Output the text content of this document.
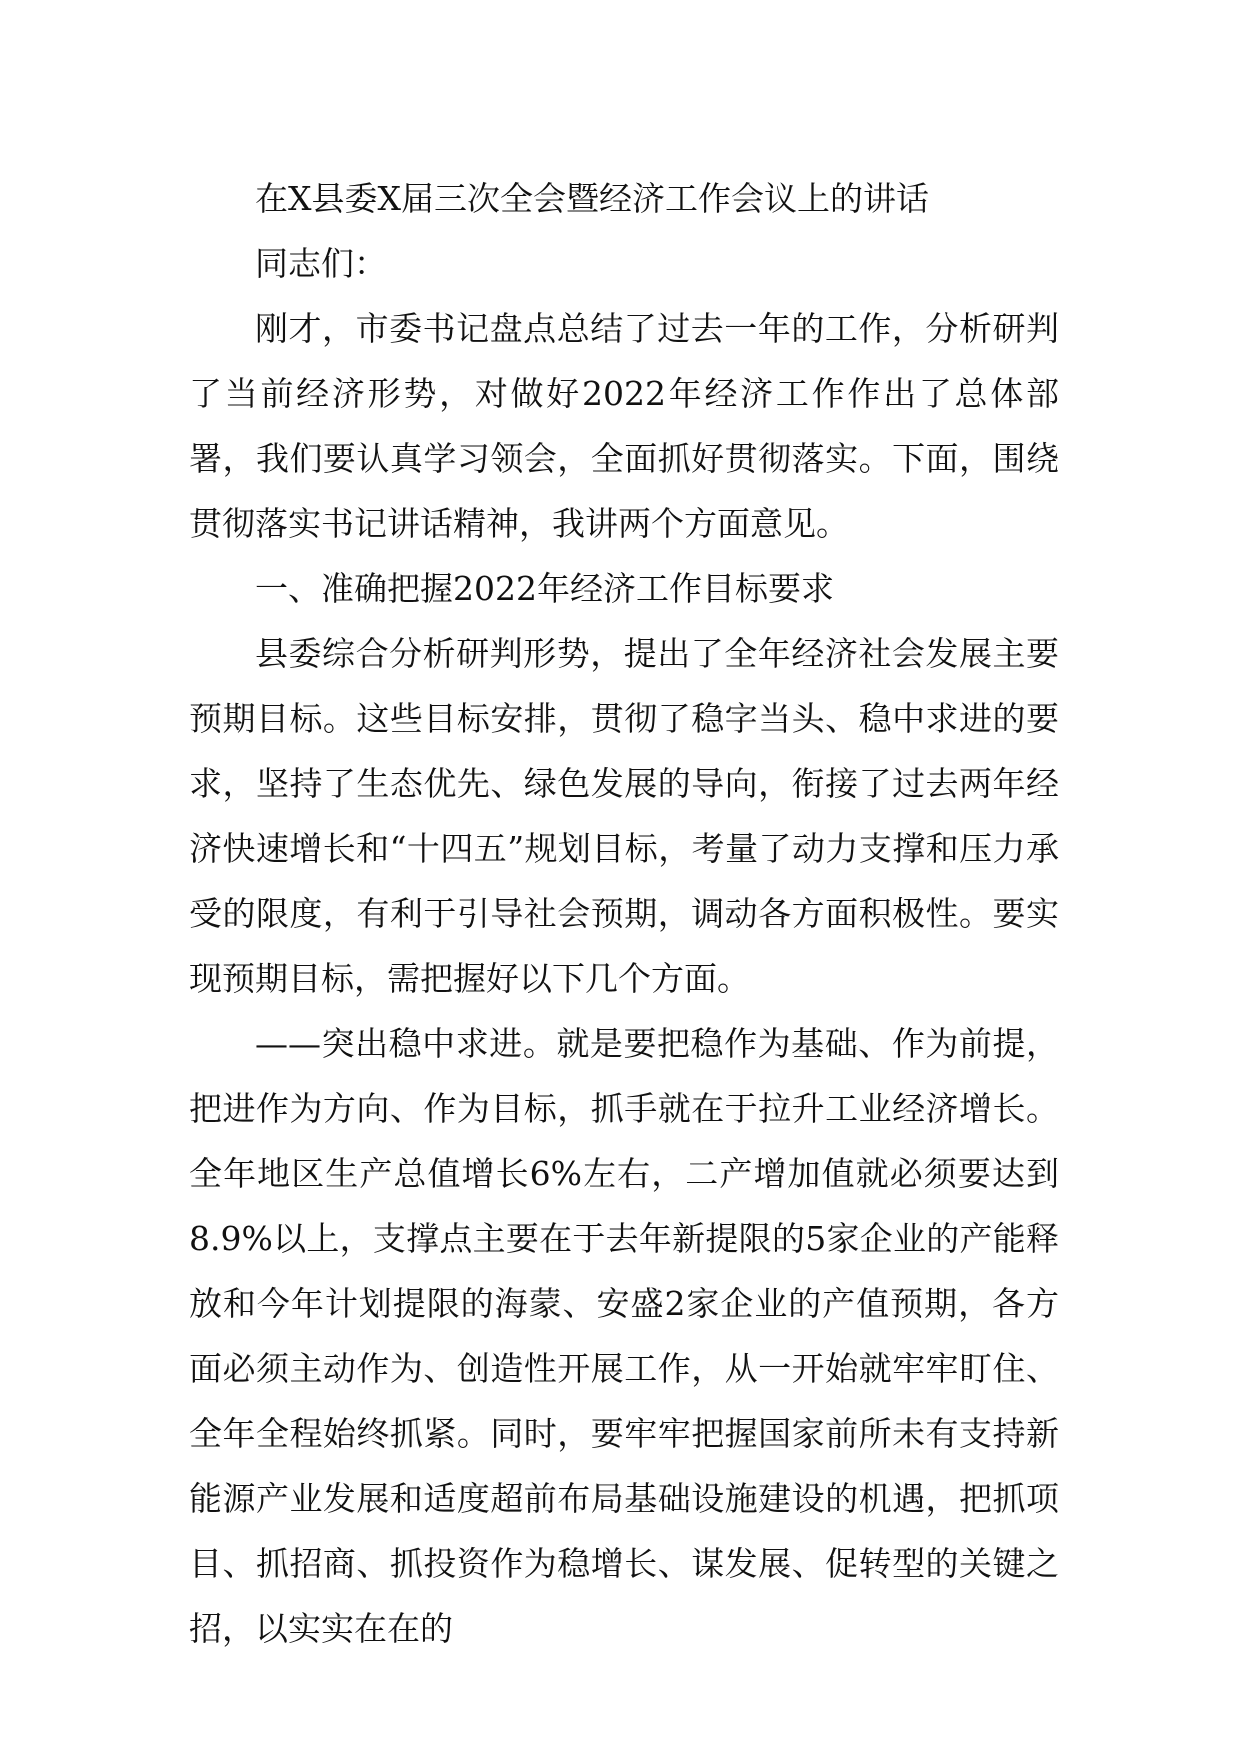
在X县委X届三次全会暨经济工作会议上的讲话

同志们：

刚才，市委书记盘点总结了过去一年的工作，分析研判了当前经济形势，对做好2022年经济工作作出了总体部署，我们要认真学习领会，全面抓好贯彻落实。下面，围绕贯彻落实书记讲话精神，我讲两个方面意见。

一、准确把握2022年经济工作目标要求

县委综合分析研判形势，提出了全年经济社会发展主要预期目标。这些目标安排，贯彻了稳字当头、稳中求进的要求，坚持了生态优先、绿色发展的导向，衔接了过去两年经济快速增长和“十四五”规划目标，考量了动力支撑和压力承受的限度，有利于引导社会预期，调动各方面积极性。要实现预期目标，需把握好以下几个方面。

——突出稳中求进。就是要把稳作为基础、作为前提，把进作为方向、作为目标，抓手就在于拉升工业经济增长。全年地区生产总值增长6%左右，二产增加值就必须要达到8.9%以上，支撑点主要在于去年新提限的5家企业的产能释放和今年计划提限的海蒙、安盛2家企业的产值预期，各方面必须主动作为、创造性开展工作，从一开始就牢牢盯住、全年全程始终抓紧。同时，要牢牢把握国家前所未有支持新能源产业发展和适度超前布局基础设施建设的机遇，把抓项目、抓招商、抓投资作为稳增长、谋发展、促转型的关键之招，以实实在在的
